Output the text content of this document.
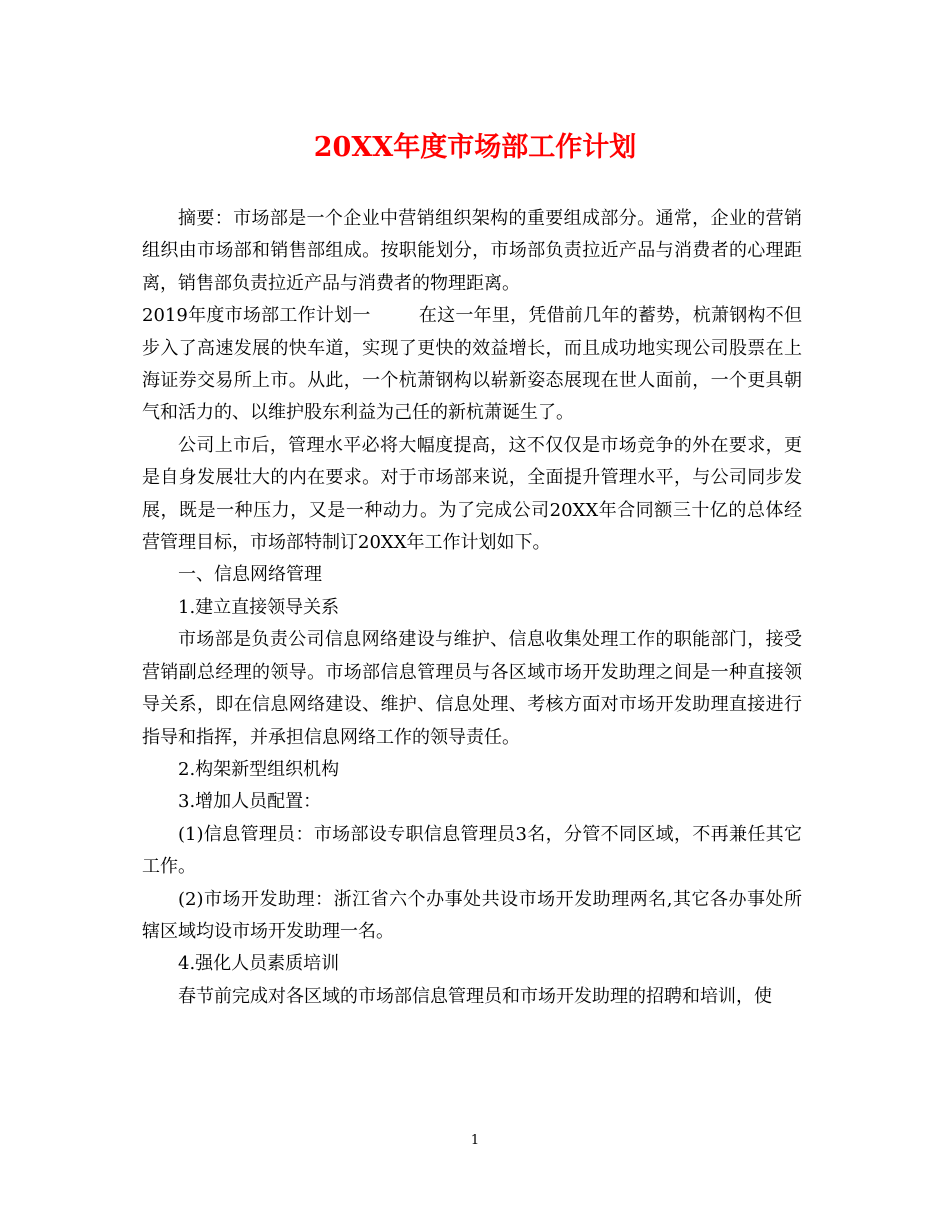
20XX年度市场部工作计划

摘要：市场部是一个企业中营销组织架构的重要组成部分。通常，企业的营销组织由市场部和销售部组成。按职能划分，市场部负责拉近产品与消费者的心理距离，销售部负责拉近产品与消费者的物理距离。

2019年度市场部工作计划一	在这一年里，凭借前几年的蓄势，杭萧钢构不但步入了高速发展的快车道，实现了更快的效益增长，而且成功地实现公司股票在上海证券交易所上市。从此，一个杭萧钢构以崭新姿态展现在世人面前，一个更具朝气和活力的、以维护股东利益为己任的新杭萧诞生了。

公司上市后，管理水平必将大幅度提高，这不仅仅是市场竞争的外在要求，更是自身发展壮大的内在要求。对于市场部来说，全面提升管理水平，与公司同步发展，既是一种压力，又是一种动力。为了完成公司20XX年合同额三十亿的总体经营管理目标，市场部特制订20XX年工作计划如下。

一、信息网络管理

1.建立直接领导关系

市场部是负责公司信息网络建设与维护、信息收集处理工作的职能部门，接受营销副总经理的领导。市场部信息管理员与各区域市场开发助理之间是一种直接领导关系，即在信息网络建设、维护、信息处理、考核方面对市场开发助理直接进行指导和指挥，并承担信息网络工作的领导责任。

2.构架新型组织机构

3.增加人员配置：

(1)信息管理员：市场部设专职信息管理员3名，分管不同区域，不再兼任其它工作。

(2)市场开发助理：浙江省六个办事处共设市场开发助理两名,其它各办事处所辖区域均设市场开发助理一名。

4.强化人员素质培训

春节前完成对各区域的市场部信息管理员和市场开发助理的招聘和培训，使

1
